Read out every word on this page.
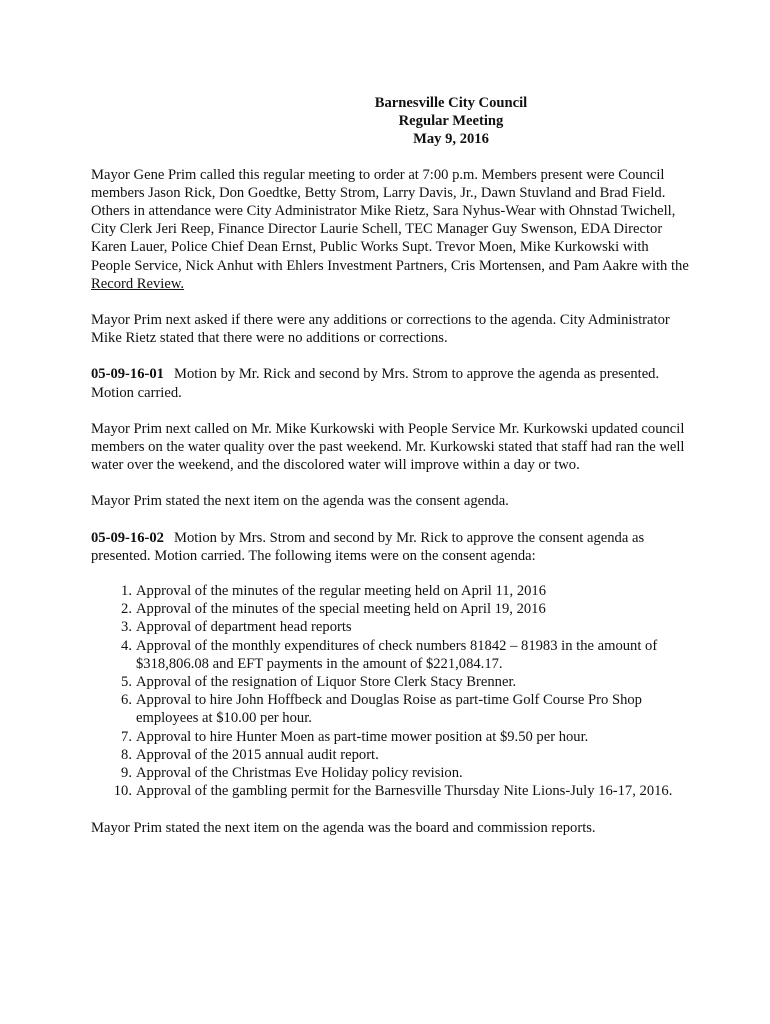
Barnesville City Council
Regular Meeting
May 9, 2016

Mayor Gene Prim called this regular meeting to order at 7:00 p.m. Members present were Council members Jason Rick, Don Goedtke, Betty Strom, Larry Davis, Jr., Dawn Stuvland and Brad Field. Others in attendance were City Administrator Mike Rietz, Sara Nyhus-Wear with Ohnstad Twichell, City Clerk Jeri Reep, Finance Director Laurie Schell, TEC Manager Guy Swenson, EDA Director Karen Lauer, Police Chief Dean Ernst, Public Works Supt. Trevor Moen, Mike Kurkowski with People Service, Nick Anhut with Ehlers Investment Partners, Cris Mortensen, and Pam Aakre with the Record Review.

Mayor Prim next asked if there were any additions or corrections to the agenda. City Administrator Mike Rietz stated that there were no additions or corrections.

05-09-16-01 Motion by Mr. Rick and second by Mrs. Strom to approve the agenda as presented. Motion carried.

Mayor Prim next called on Mr. Mike Kurkowski with People Service Mr. Kurkowski updated council members on the water quality over the past weekend. Mr. Kurkowski stated that staff had ran the well water over the weekend, and the discolored water will improve within a day or two.

Mayor Prim stated the next item on the agenda was the consent agenda.

05-09-16-02 Motion by Mrs. Strom and second by Mr. Rick to approve the consent agenda as presented. Motion carried. The following items were on the consent agenda:

1. Approval of the minutes of the regular meeting held on April 11, 2016
2. Approval of the minutes of the special meeting held on April 19, 2016
3. Approval of department head reports
4. Approval of the monthly expenditures of check numbers 81842 – 81983 in the amount of $318,806.08 and EFT payments in the amount of $221,084.17.
5. Approval of the resignation of Liquor Store Clerk Stacy Brenner.
6. Approval to hire John Hoffbeck and Douglas Roise as part-time Golf Course Pro Shop employees at $10.00 per hour.
7. Approval to hire Hunter Moen as part-time mower position at $9.50 per hour.
8. Approval of the 2015 annual audit report.
9. Approval of the Christmas Eve Holiday policy revision.
10. Approval of the gambling permit for the Barnesville Thursday Nite Lions-July 16-17, 2016.

Mayor Prim stated the next item on the agenda was the board and commission reports.
